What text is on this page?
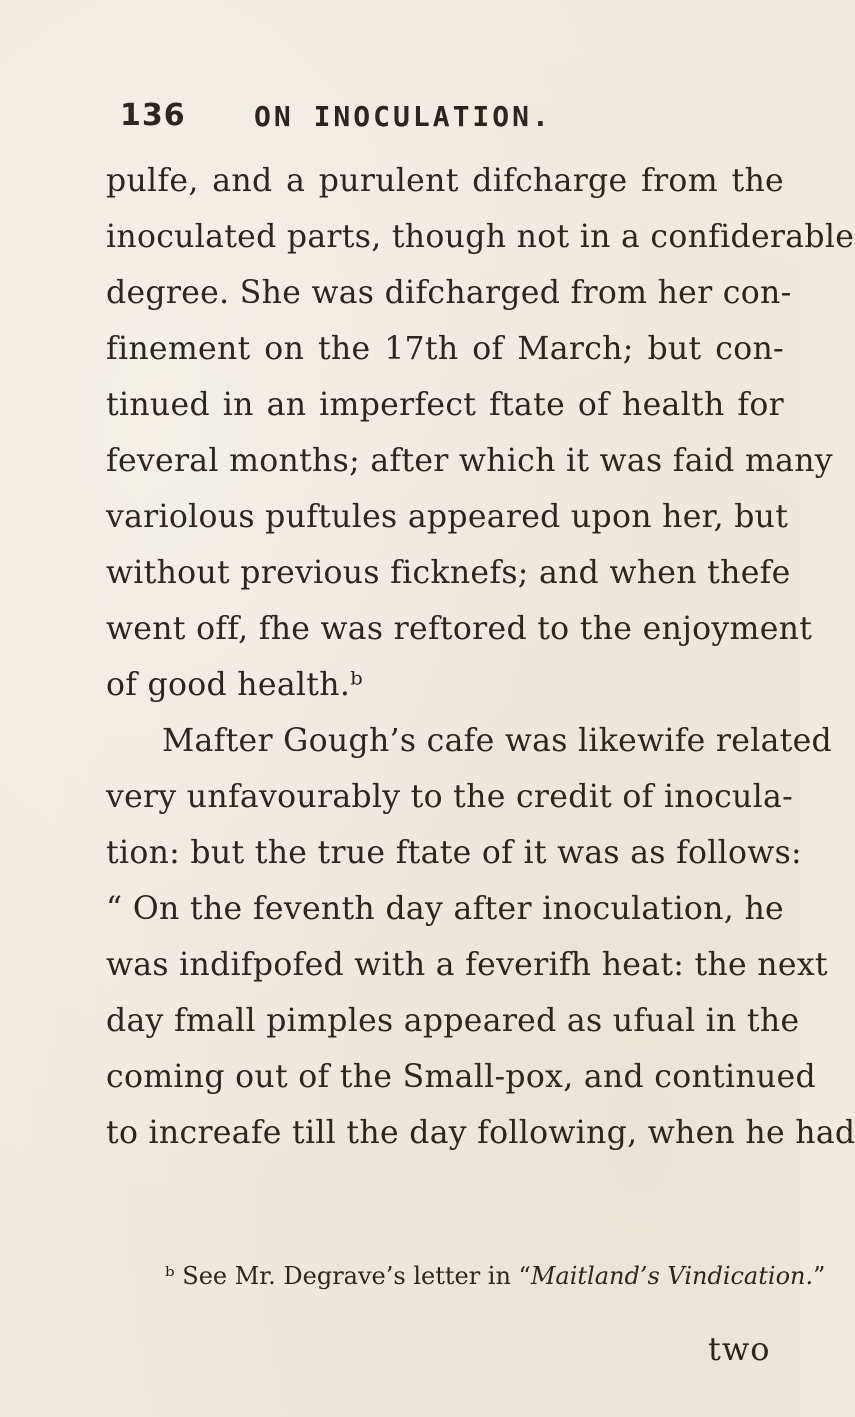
136 ON INOCULATION.
pulfe, and a purulent difcharge from the
inoculated parts, though not in a confiderable
degree. She was difcharged from her con-
finement on the 17th of March; but con-
tinued in an imperfect ftate of health for
feveral months; after which it was faid many
variolous puftules appeared upon her, but
without previous ficknefs; and when thefe
went off, fhe was reftored to the enjoyment
of good health.ᵇ
Mafter Gough’s cafe was likewife related
very unfavourably to the credit of inocula-
tion: but the true ftate of it was as follows:
“ On the feventh day after inoculation, he
was indifpofed with a feverifh heat: the next
day fmall pimples appeared as ufual in the
coming out of the Small-pox, and continued
to increafe till the day following, when he had
ᵇ See Mr. Degrave’s letter in “Maitland’s Vindication.”
two
